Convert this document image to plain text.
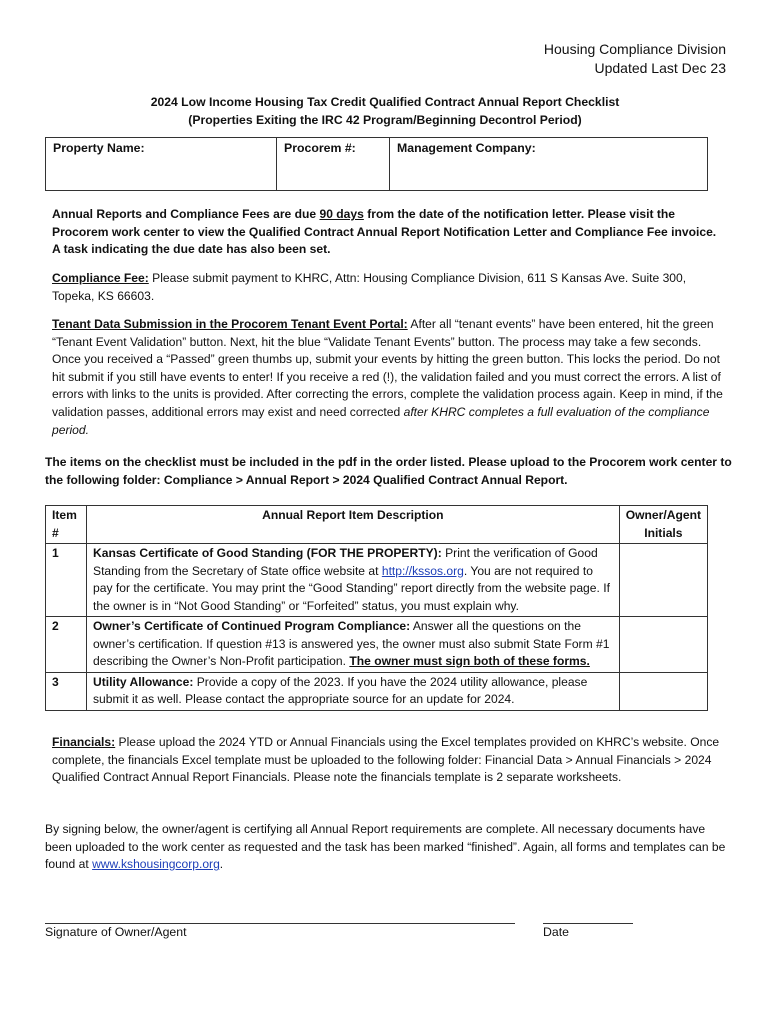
Housing Compliance Division
Updated Last Dec 23
2024 Low Income Housing Tax Credit Qualified Contract Annual Report Checklist
(Properties Exiting the IRC 42 Program/Beginning Decontrol Period)
Property Name:	Procorem #:	Management Company:
Annual Reports and Compliance Fees are due 90 days from the date of the notification letter. Please visit the Procorem work center to view the Qualified Contract Annual Report Notification Letter and Compliance Fee invoice. A task indicating the due date has also been set.
Compliance Fee: Please submit payment to KHRC, Attn: Housing Compliance Division, 611 S Kansas Ave. Suite 300, Topeka, KS 66603.
Tenant Data Submission in the Procorem Tenant Event Portal: After all “tenant events” have been entered, hit the green “Tenant Event Validation” button. Next, hit the blue “Validate Tenant Events” button. The process may take a few seconds. Once you received a “Passed” green thumbs up, submit your events by hitting the green button. This locks the period. Do not hit submit if you still have events to enter! If you receive a red (!), the validation failed and you must correct the errors. A list of errors with links to the units is provided. After correcting the errors, complete the validation process again. Keep in mind, if the validation passes, additional errors may exist and need corrected after KHRC completes a full evaluation of the compliance period.
The items on the checklist must be included in the pdf in the order listed. Please upload to the Procorem work center to the following folder: Compliance > Annual Report > 2024 Qualified Contract Annual Report.
Item #	Annual Report Item Description	Owner/Agent Initials
1	Kansas Certificate of Good Standing (FOR THE PROPERTY): Print the verification of Good Standing from the Secretary of State office website at http://kssos.org. You are not required to pay for the certificate. You may print the “Good Standing” report directly from the website page. If the owner is in “Not Good Standing” or “Forfeited” status, you must explain why.	
2	Owner’s Certificate of Continued Program Compliance: Answer all the questions on the owner’s certification. If question #13 is answered yes, the owner must also submit State Form #1 describing the Owner’s Non-Profit participation. The owner must sign both of these forms.	
3	Utility Allowance: Provide a copy of the 2023. If you have the 2024 utility allowance, please submit it as well. Please contact the appropriate source for an update for 2024.	
Financials: Please upload the 2024 YTD or Annual Financials using the Excel templates provided on KHRC’s website. Once complete, the financials Excel template must be uploaded to the following folder: Financial Data > Annual Financials > 2024 Qualified Contract Annual Report Financials. Please note the financials template is 2 separate worksheets.
By signing below, the owner/agent is certifying all Annual Report requirements are complete. All necessary documents have been uploaded to the work center as requested and the task has been marked “finished”. Again, all forms and templates can be found at www.kshousingcorp.org.
Signature of Owner/Agent	Date
